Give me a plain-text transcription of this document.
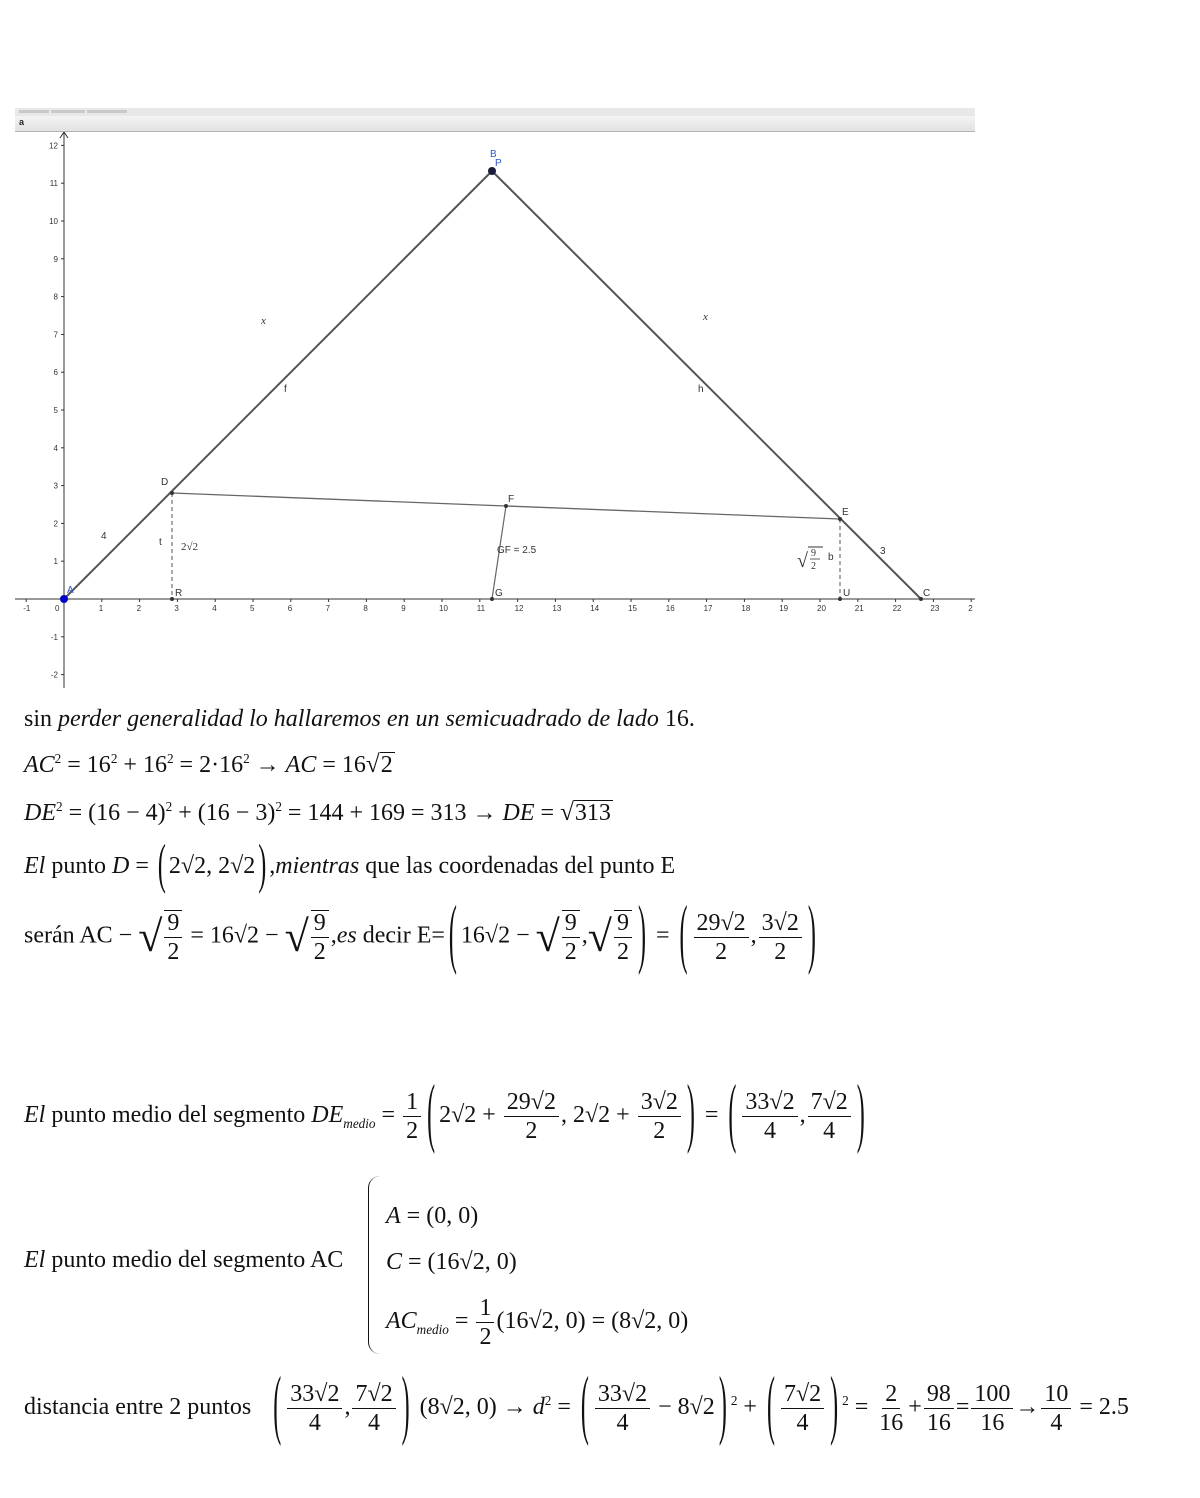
a
-1	0	1	2	3	4	5	6	7	8	9	10	11	12	13	14	15	16	17	18	19	20	21	22	23	2
12
11
10
9
8
7
6
5
4
3
2
1
-1
-2
A
B
P
C
D
E
F
G
R	U
x	x
f	h
t
b
4
3
2√2	GF = 2.5	√ 9
2
sin perder generalidad lo hallaremos en un semicuadrado de lado 16.
$AC^2 = 16^2 + 16^2 = 2\cdot 16^2$ → AC = 16√2
$DE^2 = (16 - 4)^2 + (16 - 3)^2 = 144 + 169 = 313$ → DE = √313
El punto D = ( 2√2, 2√2 ) ,mientras que las coordenadas del punto E
serán AC − √ $\frac{9}{2} = 16√2$ − √ $\frac{9}{2} ,es$ decir E= ( 16√2 − √ $\frac{9}{2}$ ,√ $\frac{9}{2}$ ) = ( $\frac{29√2}{2}$ , $\frac{3√2}{2}$ )
El punto medio del segmento $DE_{medio} = \frac{1}{2}$ ( $2√2 + \frac{29√2}{2}$ , $2√2 + \frac{3√2}{2}$ ) = ( $\frac{33√2}{4}$ , $\frac{7√2}{4}$ )
El punto medio del segmento AC
A = (0, 0)
C = (16√2, 0)
$AC_{medio} = \frac{1}{2} (16√2$, 0) = (8√2, 0)
distancia entre 2 puntos ( $\frac{33√2}{4}$ , $\frac{7√2}{4}$ ) (8√2, $0) \to d^2$ = ( $\frac{33√2}{4} - 8√2$ ) $^2$ + ( $\frac{7√2}{4}$ ) $^2 = \frac{2}{16} + \frac{98}{16} = \frac{100}{16} \to \frac{10}{4} = 2.5$
